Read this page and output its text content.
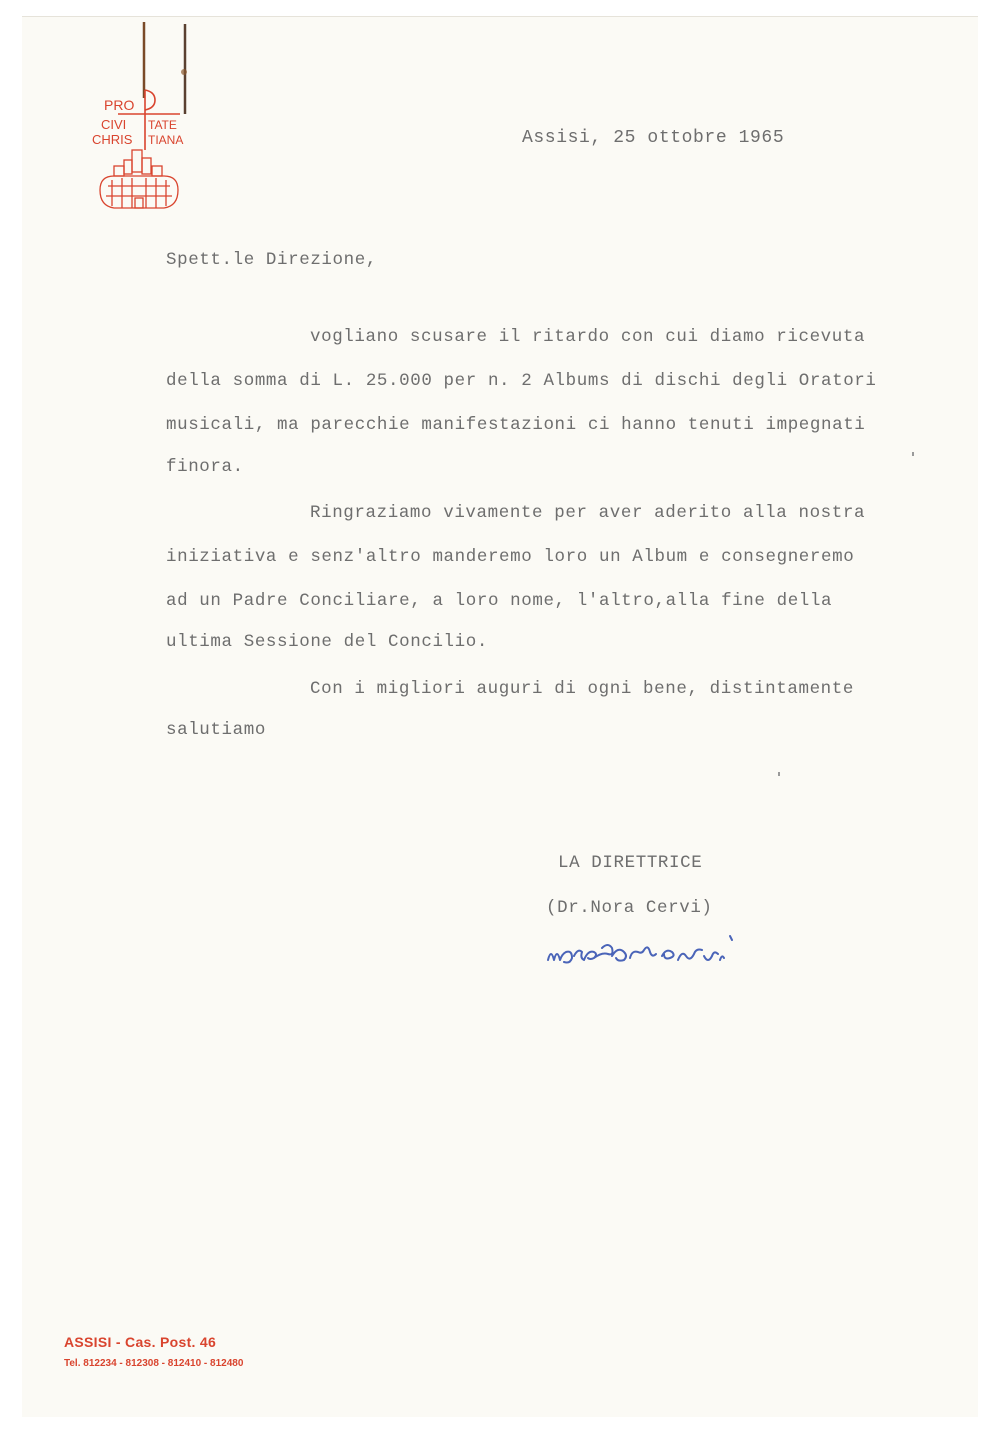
PRO
CIVI TATE
CHRIS TIANA	Assisi, 25 ottobre 1965

Spett.le Direzione,

vogliano scusare il ritardo con cui diamo ricevuta

della somma di L. 25.000 per n. 2 Albums di dischi degli Oratori

musicali, ma parecchie manifestazioni ci hanno tenuti impegnati

finora.

Ringraziamo vivamente per aver aderito alla nostra

iniziativa e senz'altro manderemo loro un Album e consegneremo

ad un Padre Conciliare, a loro nome, l'altro,alla fine della

ultima Sessione del Concilio.

Con i migliori auguri di ogni bene, distintamente

salutiamo

LA DIRETTRICE

(Dr.Nora Cervi)

ASSISI - Cas. Post. 46

Tel. 812234 - 812308 - 812410 - 812480
